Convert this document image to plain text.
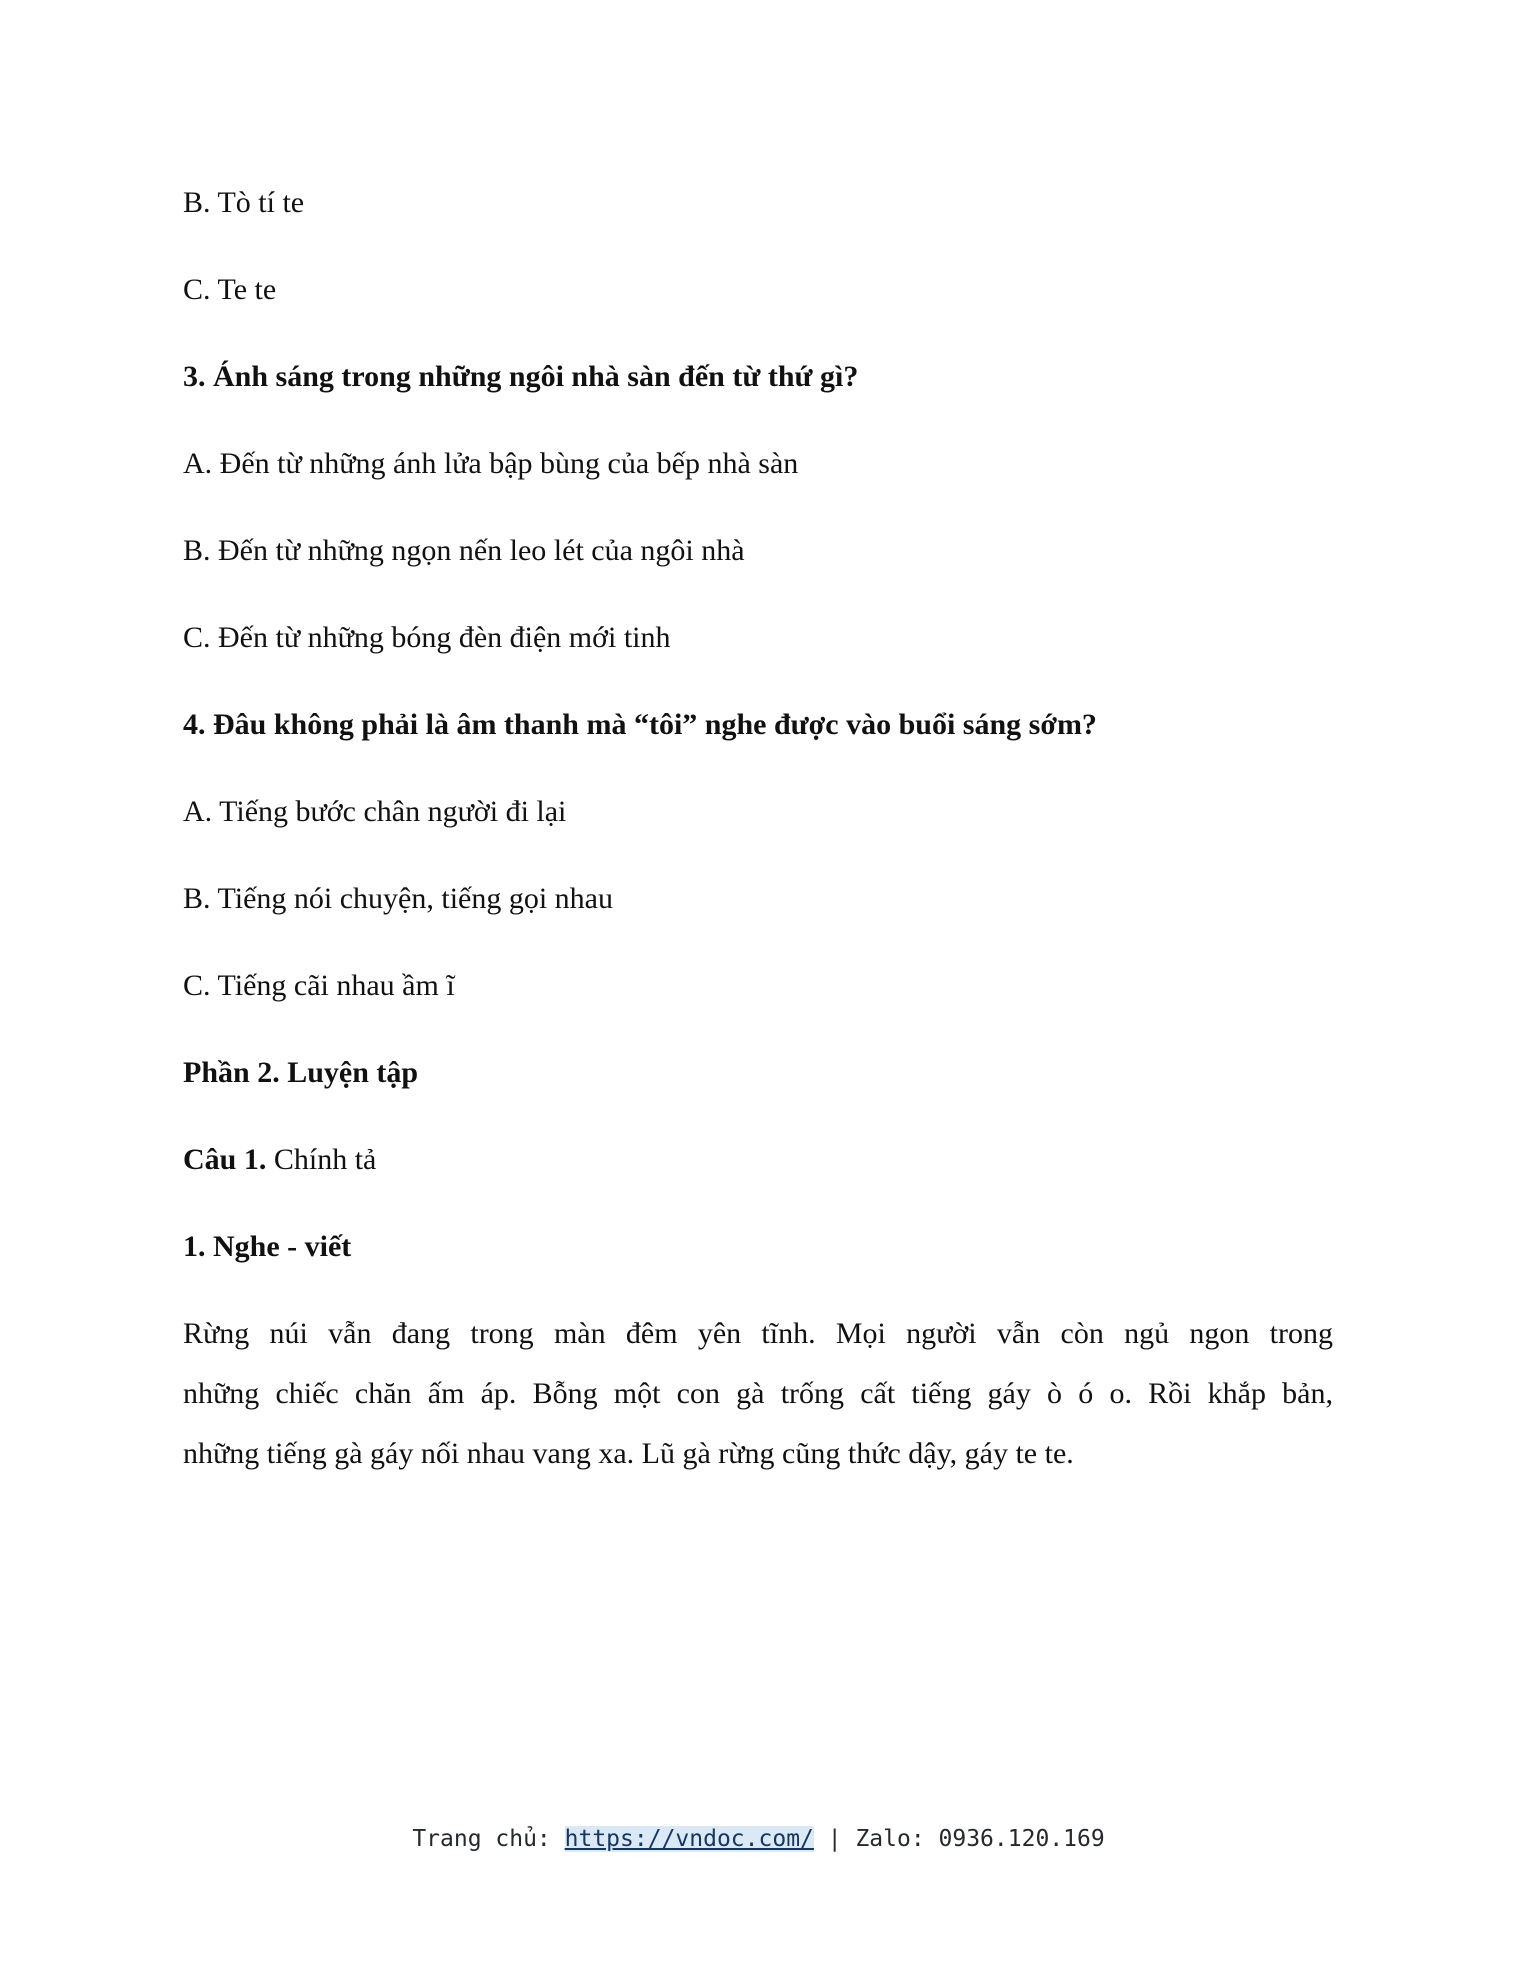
B. Tò tí te
C. Te te
3. Ánh sáng trong những ngôi nhà sàn đến từ thứ gì?
A. Đến từ những ánh lửa bập bùng của bếp nhà sàn
B. Đến từ những ngọn nến leo lét của ngôi nhà
C. Đến từ những bóng đèn điện mới tinh
4. Đâu không phải là âm thanh mà “tôi” nghe được vào buổi sáng sớm?
A. Tiếng bước chân người đi lại
B. Tiếng nói chuyện, tiếng gọi nhau
C. Tiếng cãi nhau ầm ĩ
Phần 2. Luyện tập
Câu 1. Chính tả
1. Nghe - viết
Rừng núi vẫn đang trong màn đêm yên tĩnh. Mọi người vẫn còn ngủ ngon trong
những chiếc chăn ấm áp. Bỗng một con gà trống cất tiếng gáy ò ó o. Rồi khắp bản,
những tiếng gà gáy nối nhau vang xa. Lũ gà rừng cũng thức dậy, gáy te te.
Trang chủ: https://vndoc.com/ | Zalo: 0936.120.169
